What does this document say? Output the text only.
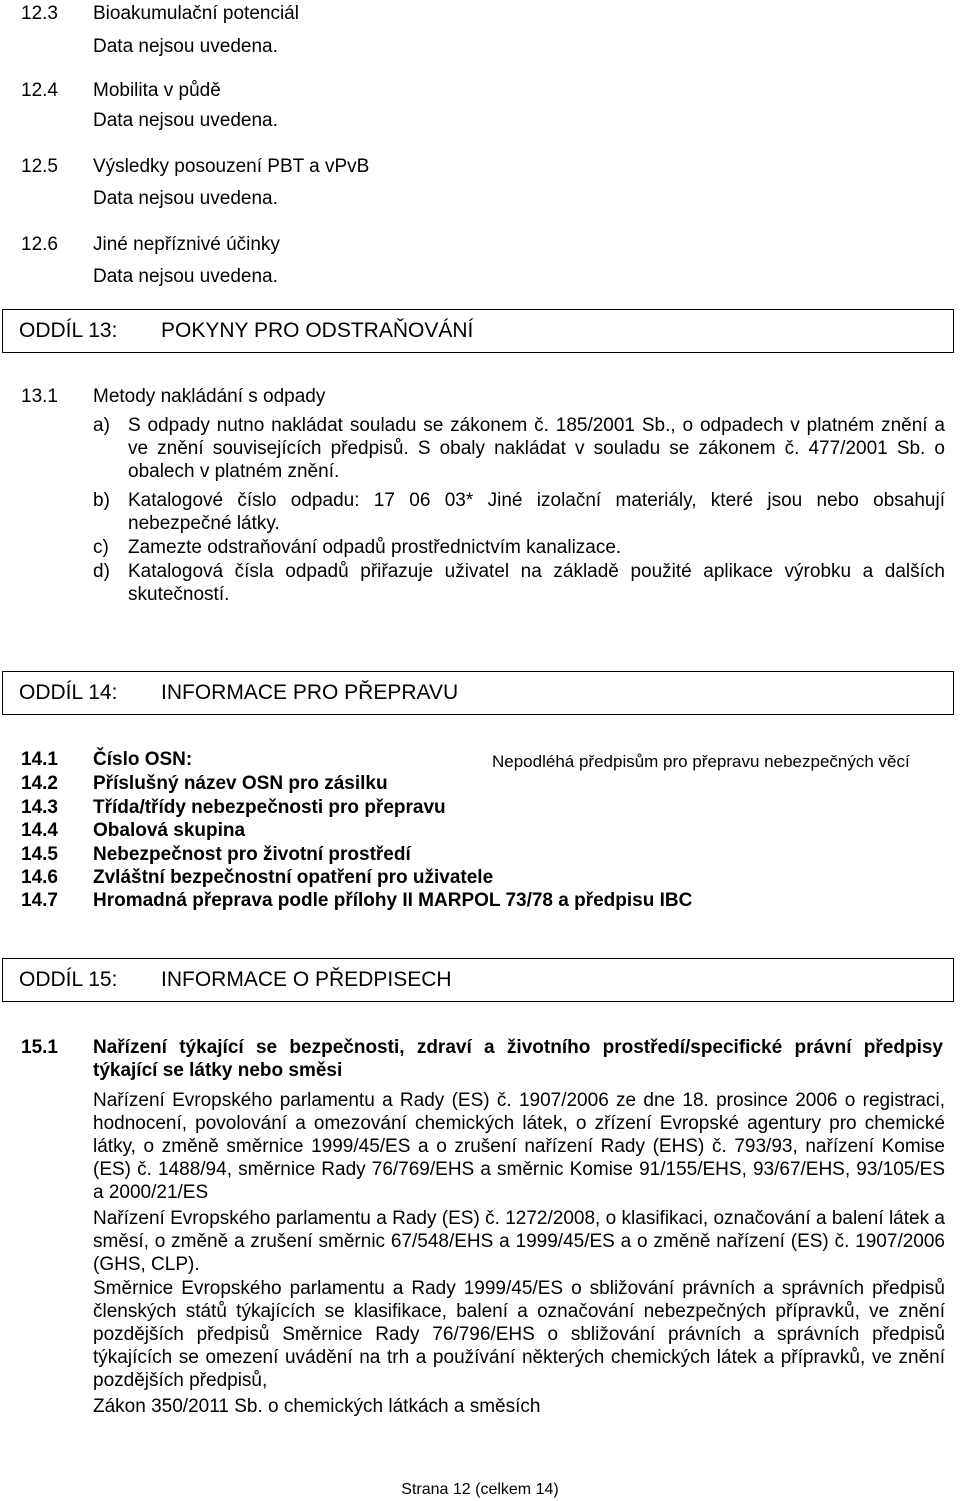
12.3 Bioakumulační potenciál
Data nejsou uvedena.
12.4 Mobilita v půdě
Data nejsou uvedena.
12.5 Výsledky posouzení PBT a vPvB
Data nejsou uvedena.
12.6 Jiné nepříznivé účinky
Data nejsou uvedena.
ODDÍL 13: POKYNY PRO ODSTRAŇOVÁNÍ
13.1 Metody nakládání s odpady
a) S odpady nutno nakládat souladu se zákonem č. 185/2001 Sb., o odpadech v platném znění a ve znění souvisejících předpisů. S obaly nakládat v souladu se zákonem č. 477/2001 Sb. o obalech v platném znění.
b) Katalogové číslo odpadu: 17 06 03* Jiné izolační materiály, které jsou nebo obsahují nebezpečné látky.
c) Zamezte odstraňování odpadů prostřednictvím kanalizace.
d) Katalogová čísla odpadů přiřazuje uživatel na základě použité aplikace výrobku a dalších skutečností.
ODDÍL 14: INFORMACE PRO PŘEPRAVU
14.1 Číslo OSN:	Nepodléhá předpisům pro přepravu nebezpečných věcí
14.2 Příslušný název OSN pro zásilku
14.3 Třída/třídy nebezpečnosti pro přepravu
14.4 Obalová skupina
14.5 Nebezpečnost pro životní prostředí
14.6 Zvláštní bezpečnostní opatření pro uživatele
14.7 Hromadná přeprava podle přílohy II MARPOL 73/78 a předpisu IBC
ODDÍL 15: INFORMACE O PŘEDPISECH
15.1 Nařízení týkající se bezpečnosti, zdraví a životního prostředí/specifické právní předpisy týkající se látky nebo směsi
Nařízení Evropského parlamentu a Rady (ES) č. 1907/2006 ze dne 18. prosince 2006 o registraci, hodnocení, povolování a omezování chemických látek, o zřízení Evropské agentury pro chemické látky, o změně směrnice 1999/45/ES a o zrušení nařízení Rady (EHS) č. 793/93, nařízení Komise (ES) č. 1488/94, směrnice Rady 76/769/EHS a směrnic Komise 91/155/EHS, 93/67/EHS, 93/105/ES a 2000/21/ES
Nařízení Evropského parlamentu a Rady (ES) č. 1272/2008, o klasifikaci, označování a balení látek a směsí, o změně a zrušení směrnic 67/548/EHS a 1999/45/ES a o změně nařízení (ES) č. 1907/2006 (GHS, CLP).
Směrnice Evropského parlamentu a Rady 1999/45/ES o sbližování právních a správních předpisů členských států týkajících se klasifikace, balení a označování nebezpečných přípravků, ve znění pozdějších předpisů Směrnice Rady 76/796/EHS o sbližování právních a správních předpisů týkajících se omezení uvádění na trh a používání některých chemických látek a přípravků, ve znění pozdějších předpisů,
Zákon 350/2011 Sb. o chemických látkách a směsích
Strana 12 (celkem 14)
